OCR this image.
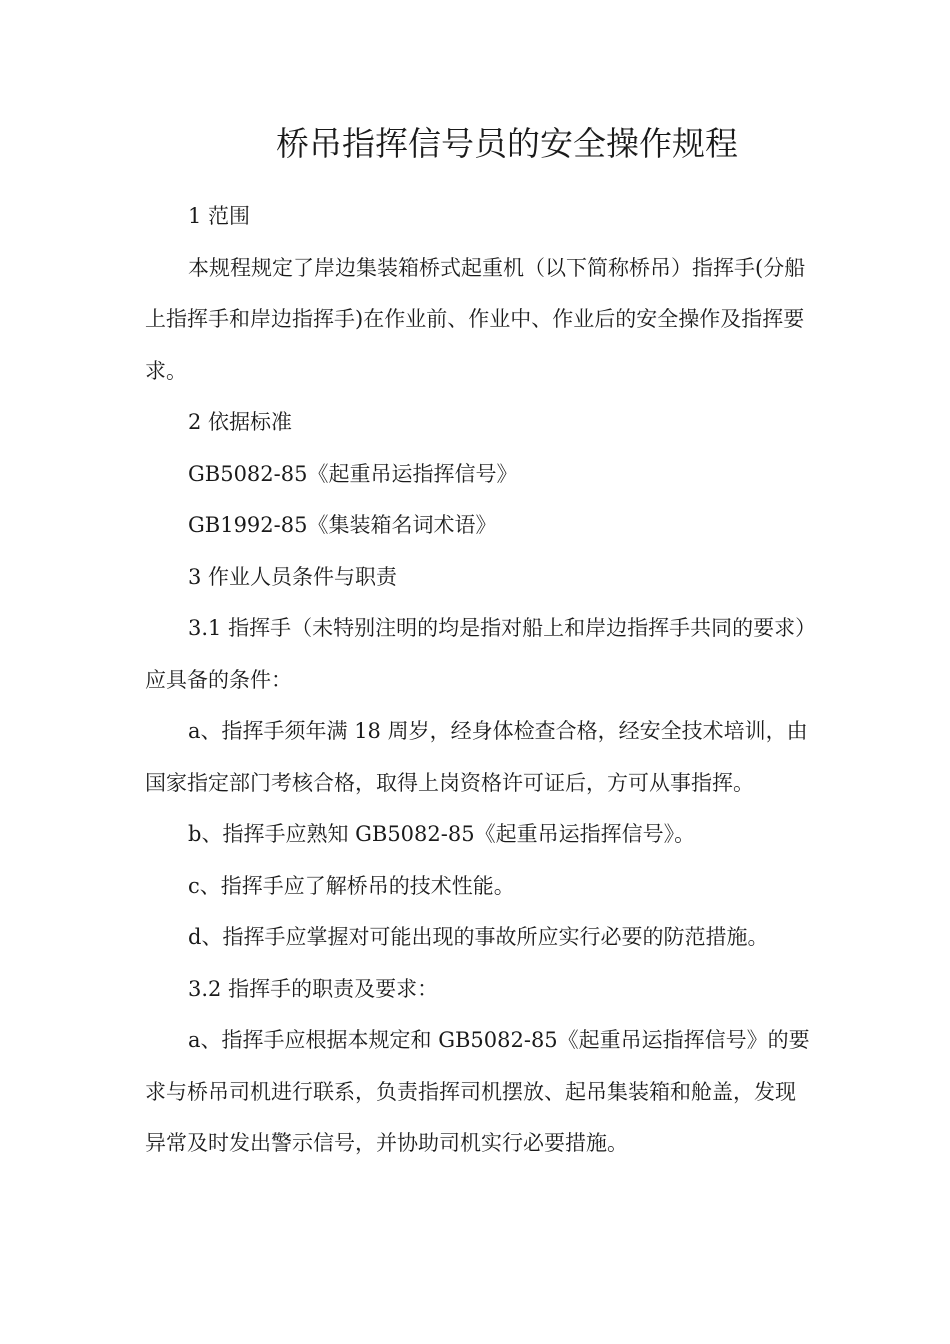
桥吊指挥信号员的安全操作规程

1 范围

本规程规定了岸边集装箱桥式起重机（以下简称桥吊）指挥手(分船上指挥手和岸边指挥手)在作业前、作业中、作业后的安全操作及指挥要求。

2 依据标准

GB5082-85《起重吊运指挥信号》

GB1992-85《集装箱名词术语》

3 作业人员条件与职责

3.1 指挥手（未特别注明的均是指对船上和岸边指挥手共同的要求）应具备的条件：

a、指挥手须年满 18 周岁，经身体检查合格，经安全技术培训，由国家指定部门考核合格，取得上岗资格许可证后，方可从事指挥。

b、指挥手应熟知 GB5082-85《起重吊运指挥信号》。

c、指挥手应了解桥吊的技术性能。

d、指挥手应掌握对可能出现的事故所应实行必要的防范措施。

3.2 指挥手的职责及要求：

a、指挥手应根据本规定和 GB5082-85《起重吊运指挥信号》的要求与桥吊司机进行联系，负责指挥司机摆放、起吊集装箱和舱盖，发现异常及时发出警示信号，并协助司机实行必要措施。
